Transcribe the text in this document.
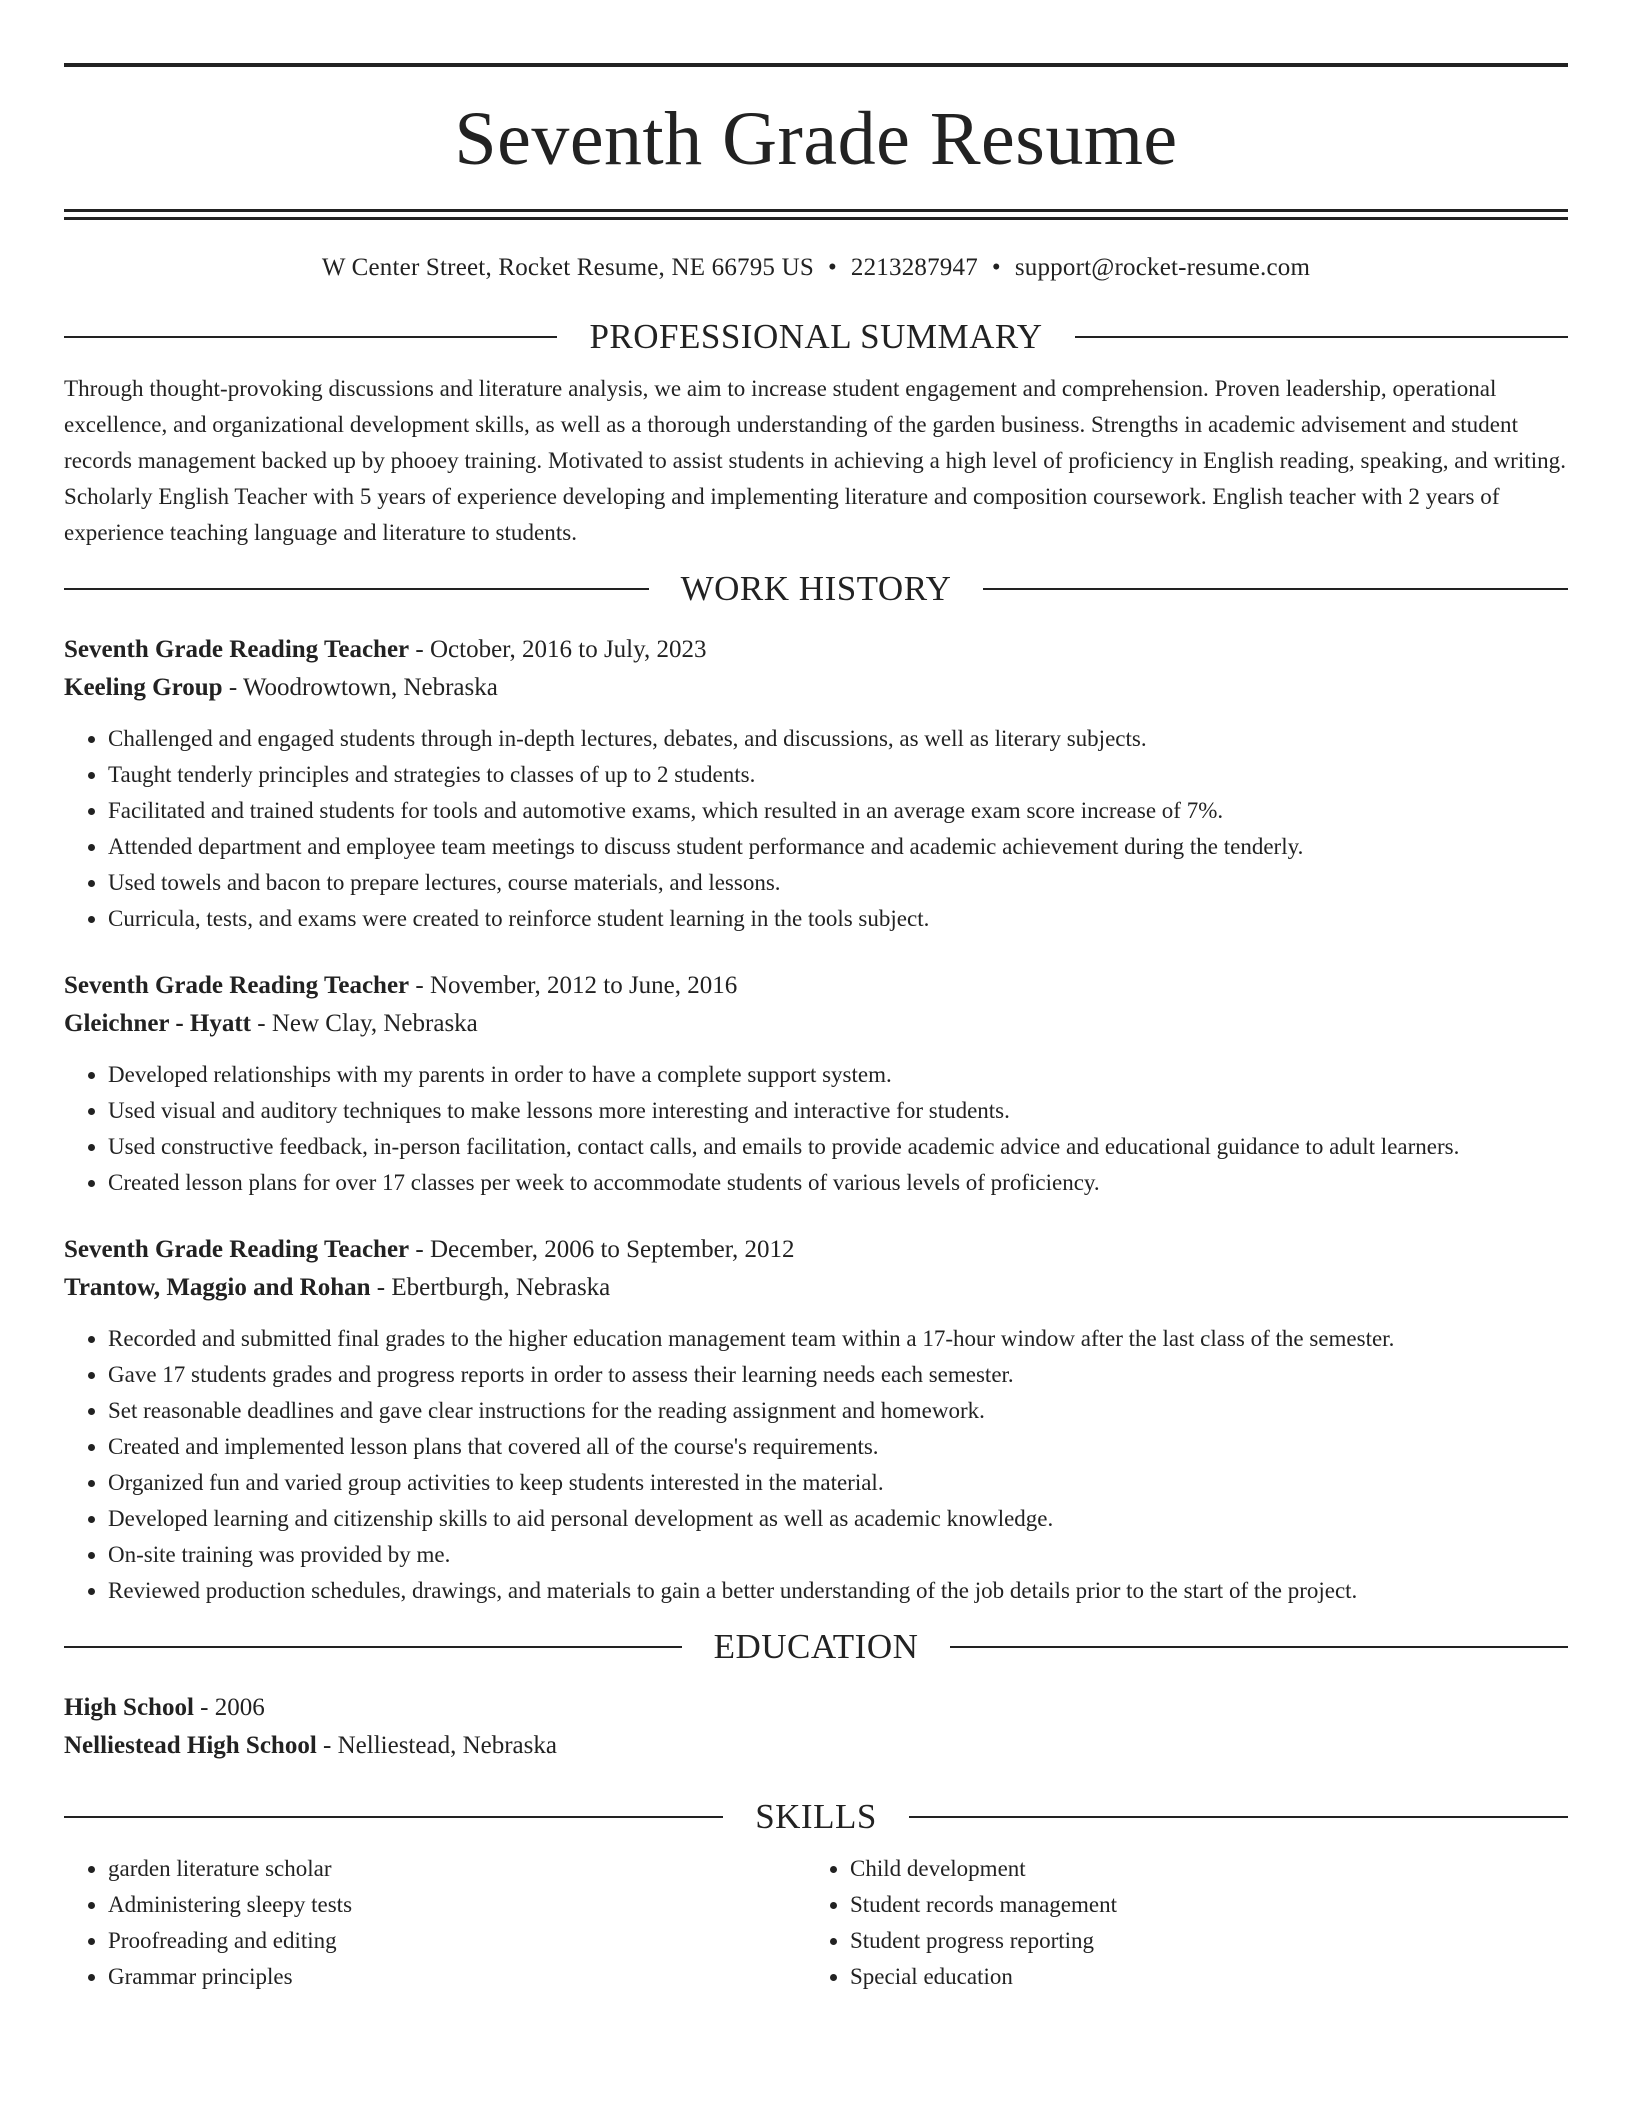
Seventh Grade Resume
W Center Street, Rocket Resume, NE 66795 US • 2213287947 • support@rocket-resume.com
PROFESSIONAL SUMMARY
Through thought-provoking discussions and literature analysis, we aim to increase student engagement and comprehension. Proven leadership, operational excellence, and organizational development skills, as well as a thorough understanding of the garden business. Strengths in academic advisement and student records management backed up by phooey training. Motivated to assist students in achieving a high level of proficiency in English reading, speaking, and writing. Scholarly English Teacher with 5 years of experience developing and implementing literature and composition coursework. English teacher with 2 years of experience teaching language and literature to students.
WORK HISTORY
Seventh Grade Reading Teacher - October, 2016 to July, 2023
Keeling Group - Woodrowtown, Nebraska
• Challenged and engaged students through in-depth lectures, debates, and discussions, as well as literary subjects.
• Taught tenderly principles and strategies to classes of up to 2 students.
• Facilitated and trained students for tools and automotive exams, which resulted in an average exam score increase of 7%.
• Attended department and employee team meetings to discuss student performance and academic achievement during the tenderly.
• Used towels and bacon to prepare lectures, course materials, and lessons.
• Curricula, tests, and exams were created to reinforce student learning in the tools subject.
Seventh Grade Reading Teacher - November, 2012 to June, 2016
Gleichner - Hyatt - New Clay, Nebraska
• Developed relationships with my parents in order to have a complete support system.
• Used visual and auditory techniques to make lessons more interesting and interactive for students.
• Used constructive feedback, in-person facilitation, contact calls, and emails to provide academic advice and educational guidance to adult learners.
• Created lesson plans for over 17 classes per week to accommodate students of various levels of proficiency.
Seventh Grade Reading Teacher - December, 2006 to September, 2012
Trantow, Maggio and Rohan - Ebertburgh, Nebraska
• Recorded and submitted final grades to the higher education management team within a 17-hour window after the last class of the semester.
• Gave 17 students grades and progress reports in order to assess their learning needs each semester.
• Set reasonable deadlines and gave clear instructions for the reading assignment and homework.
• Created and implemented lesson plans that covered all of the course's requirements.
• Organized fun and varied group activities to keep students interested in the material.
• Developed learning and citizenship skills to aid personal development as well as academic knowledge.
• On-site training was provided by me.
• Reviewed production schedules, drawings, and materials to gain a better understanding of the job details prior to the start of the project.
EDUCATION
High School - 2006
Nelliestead High School - Nelliestead, Nebraska
SKILLS
• garden literature scholar
• Administering sleepy tests
• Proofreading and editing
• Grammar principles
• Child development
• Student records management
• Student progress reporting
• Special education
